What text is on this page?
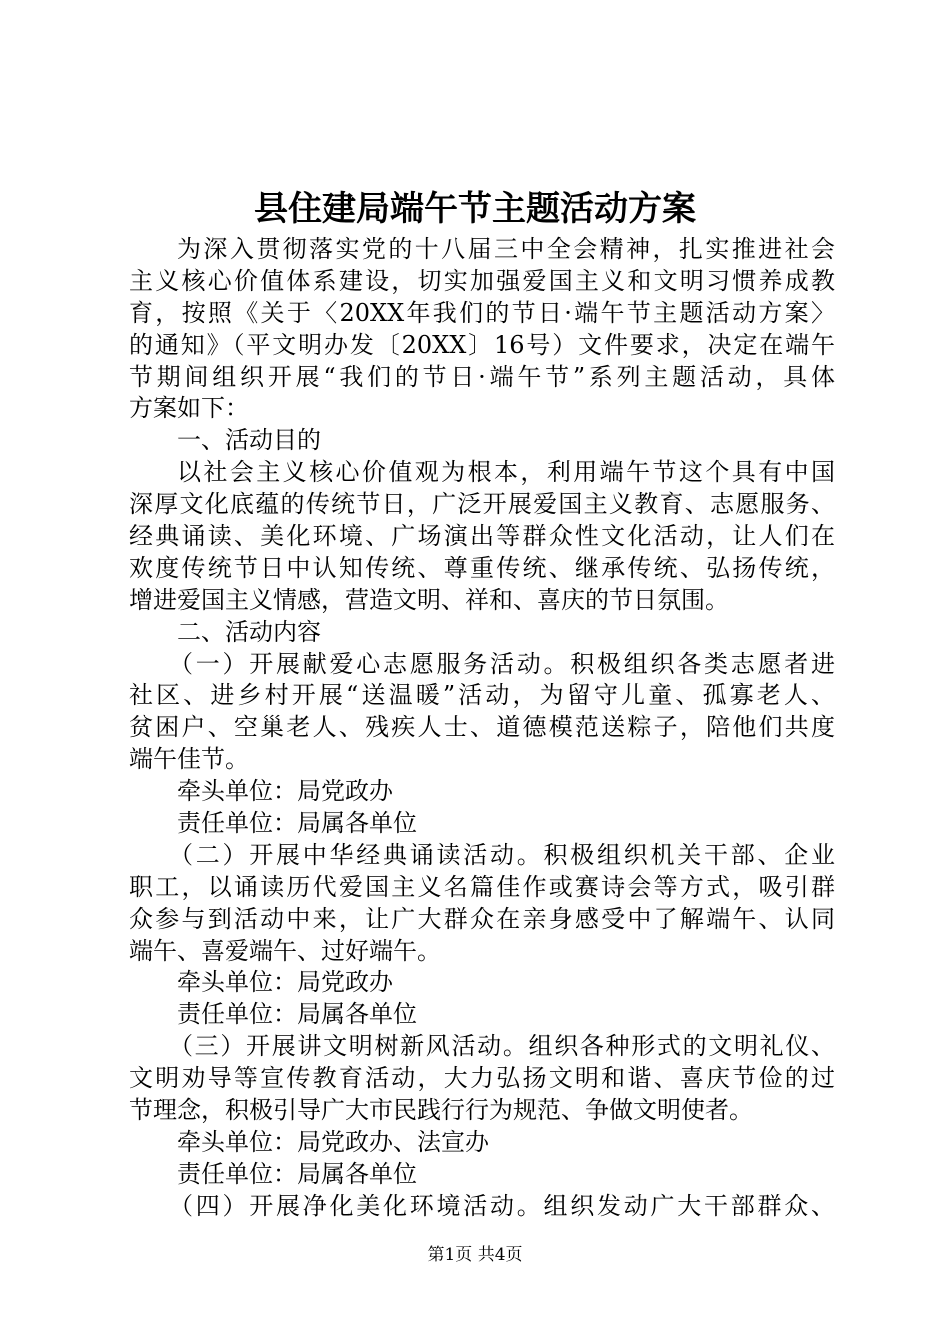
县住建局端午节主题活动方案
为深入贯彻落实党的十八届三中全会精神，扎实推进社会
主义核心价值体系建设，切实加强爱国主义和文明习惯养成教
育，按照《关于〈20XX年我们的节日·端午节主题活动方案〉
的通知》（平文明办发〔20XX〕16号）文件要求，决定在端午
节期间组织开展“我们的节日·端午节”系列主题活动，具体
方案如下：
一、活动目的
以社会主义核心价值观为根本，利用端午节这个具有中国
深厚文化底蕴的传统节日，广泛开展爱国主义教育、志愿服务、
经典诵读、美化环境、广场演出等群众性文化活动，让人们在
欢度传统节日中认知传统、尊重传统、继承传统、弘扬传统，
增进爱国主义情感，营造文明、祥和、喜庆的节日氛围。
二、活动内容
（一）开展献爱心志愿服务活动。积极组织各类志愿者进
社区、进乡村开展“送温暖”活动，为留守儿童、孤寡老人、
贫困户、空巢老人、残疾人士、道德模范送粽子，陪他们共度
端午佳节。
牵头单位：局党政办
责任单位：局属各单位
（二）开展中华经典诵读活动。积极组织机关干部、企业
职工，以诵读历代爱国主义名篇佳作或赛诗会等方式，吸引群
众参与到活动中来，让广大群众在亲身感受中了解端午、认同
端午、喜爱端午、过好端午。
牵头单位：局党政办
责任单位：局属各单位
（三）开展讲文明树新风活动。组织各种形式的文明礼仪、
文明劝导等宣传教育活动，大力弘扬文明和谐、喜庆节俭的过
节理念，积极引导广大市民践行行为规范、争做文明使者。
牵头单位：局党政办、法宣办
责任单位：局属各单位
（四）开展净化美化环境活动。组织发动广大干部群众、
第1页 共4页
